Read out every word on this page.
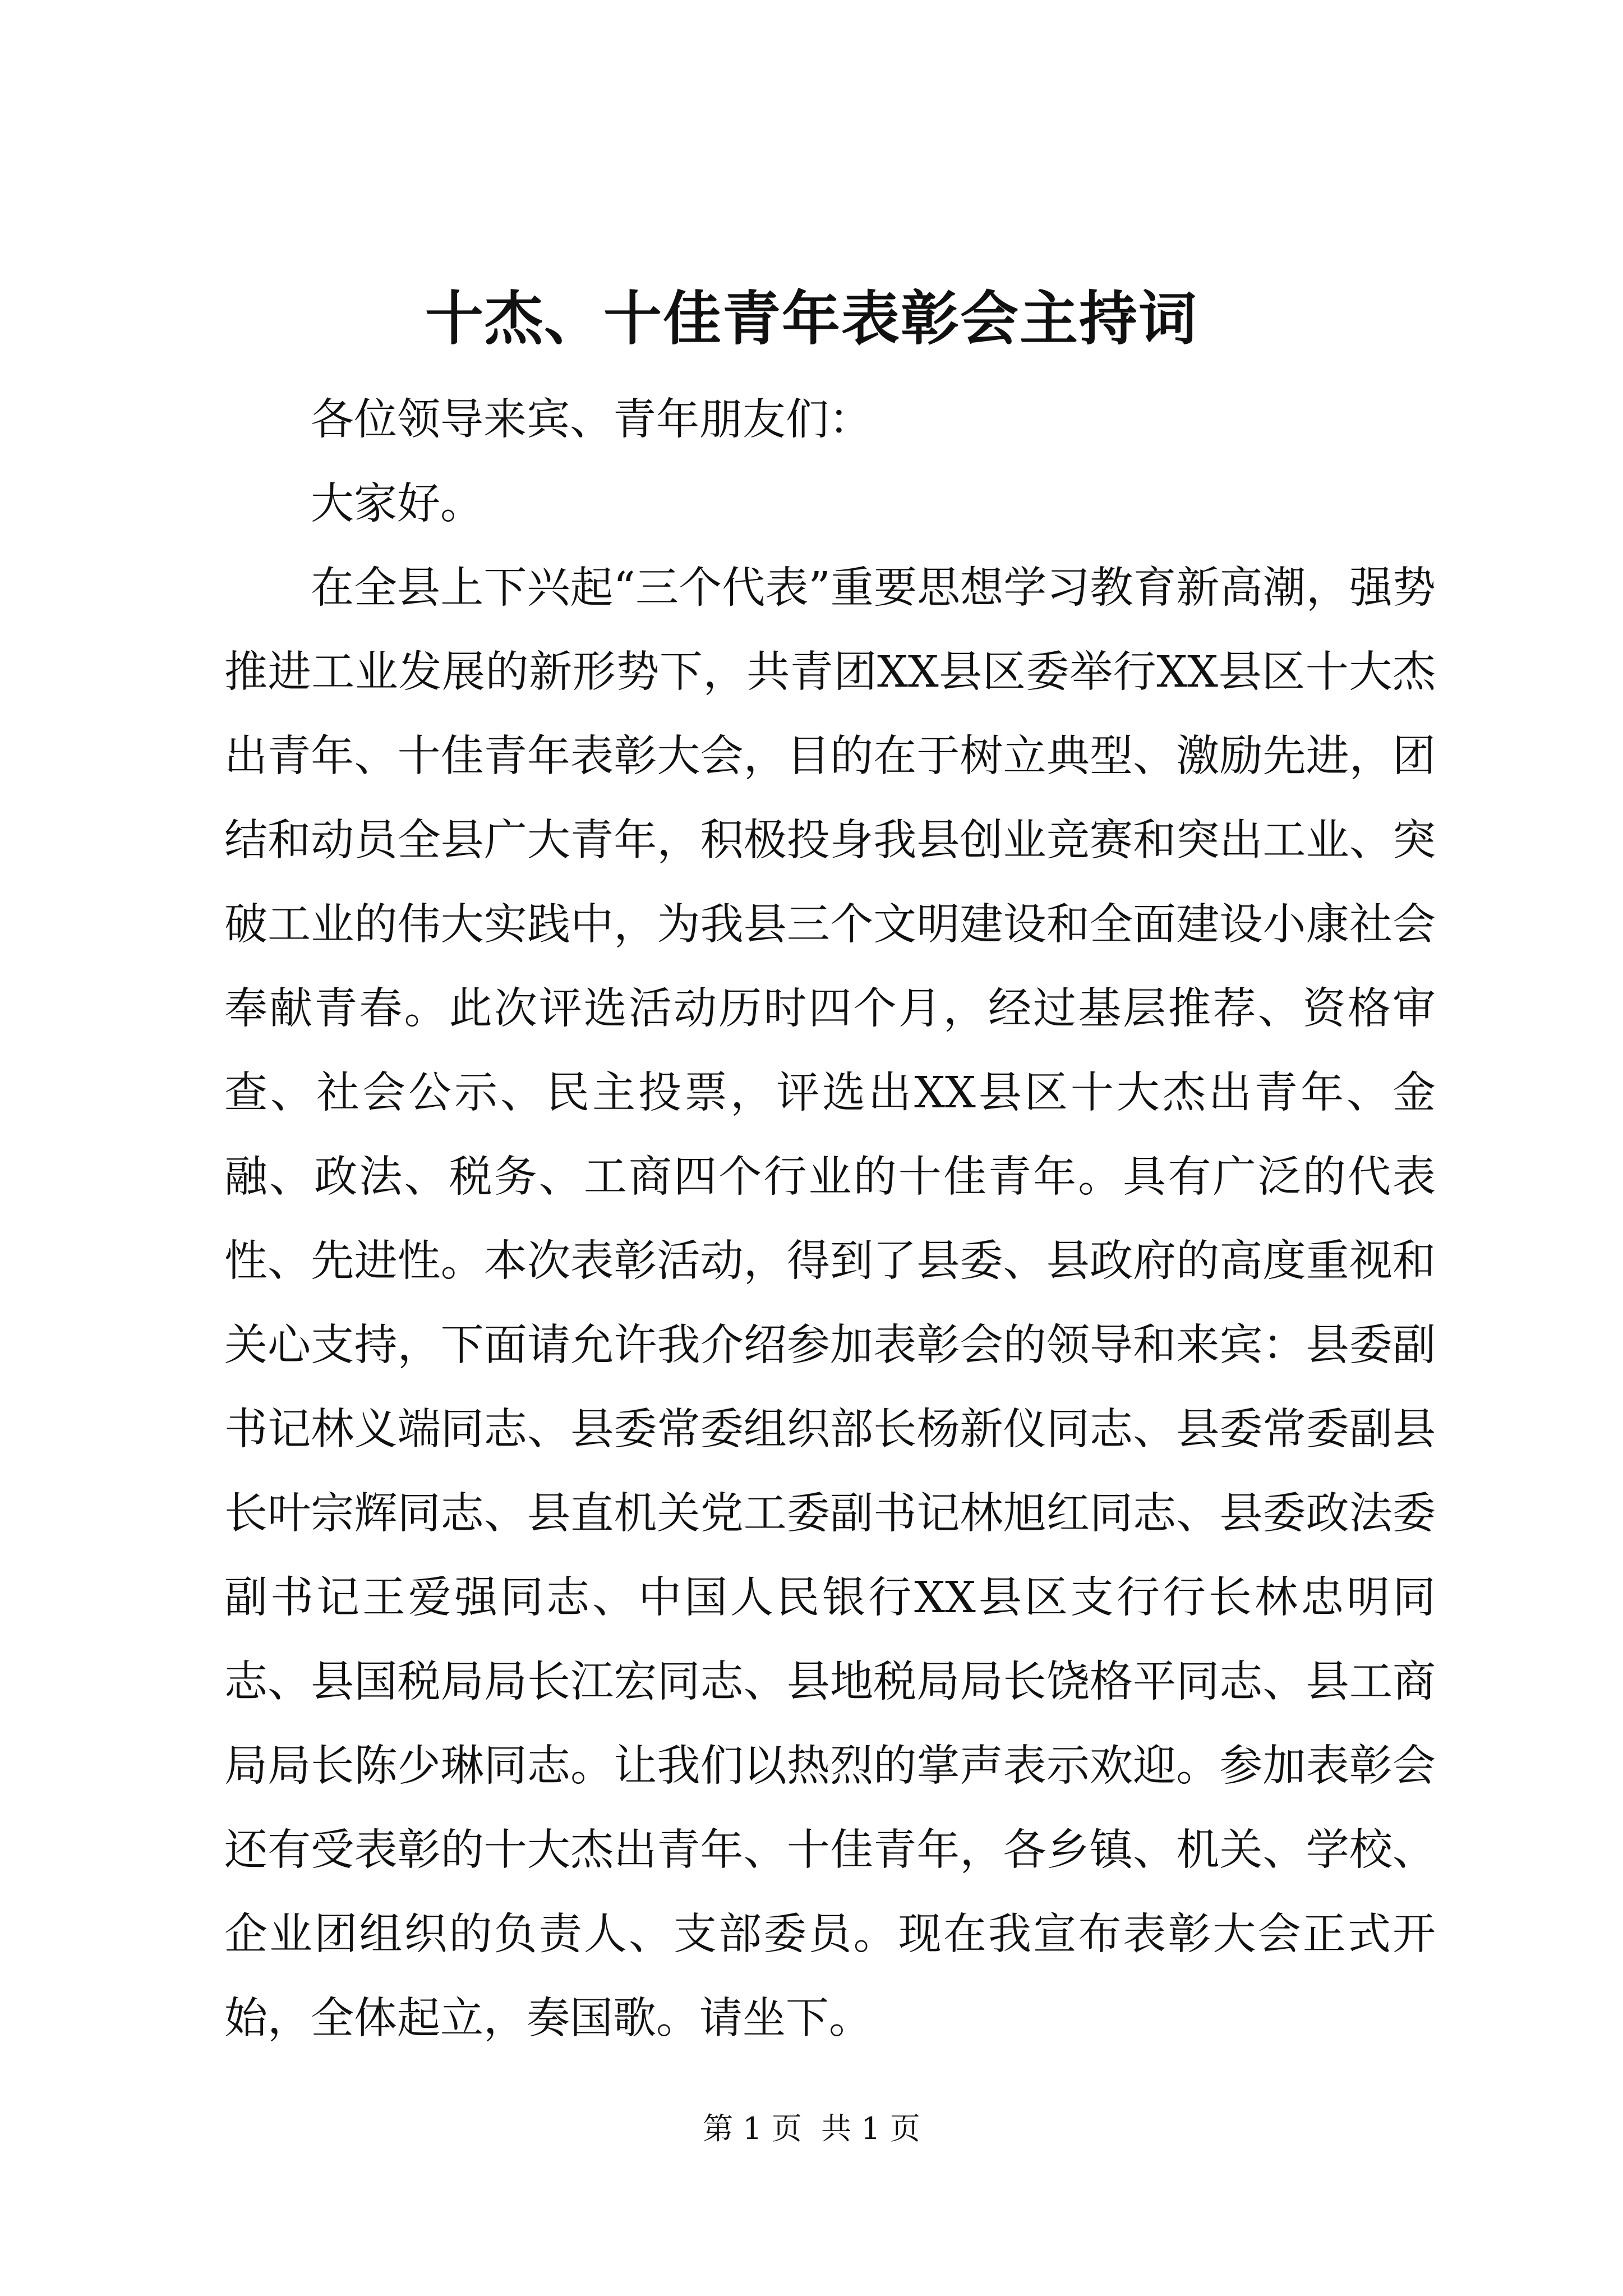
十杰、十佳青年表彰会主持词

各位领导来宾、青年朋友们：

大家好。

在全县上下兴起“三个代表”重要思想学习教育新高潮，强势推进工业发展的新形势下，共青团XX县区委举行XX县区十大杰出青年、十佳青年表彰大会，目的在于树立典型、激励先进，团结和动员全县广大青年，积极投身我县创业竞赛和突出工业、突破工业的伟大实践中，为我县三个文明建设和全面建设小康社会奉献青春。此次评选活动历时四个月，经过基层推荐、资格审查、社会公示、民主投票，评选出XX县区十大杰出青年、金融、政法、税务、工商四个行业的十佳青年。具有广泛的代表性、先进性。本次表彰活动，得到了县委、县政府的高度重视和关心支持，下面请允许我介绍参加表彰会的领导和来宾：县委副书记林义端同志、县委常委组织部长杨新仪同志、县委常委副县长叶宗辉同志、县直机关党工委副书记林旭红同志、县委政法委副书记王爱强同志、中国人民银行XX县区支行行长林忠明同志、县国税局局长江宏同志、县地税局局长饶格平同志、县工商局局长陈少琳同志。让我们以热烈的掌声表示欢迎。参加表彰会还有受表彰的十大杰出青年、十佳青年，各乡镇、机关、学校、企业团组织的负责人、支部委员。现在我宣布表彰大会正式开始，全体起立，奏国歌。请坐下。

第 1 页  共 1 页
